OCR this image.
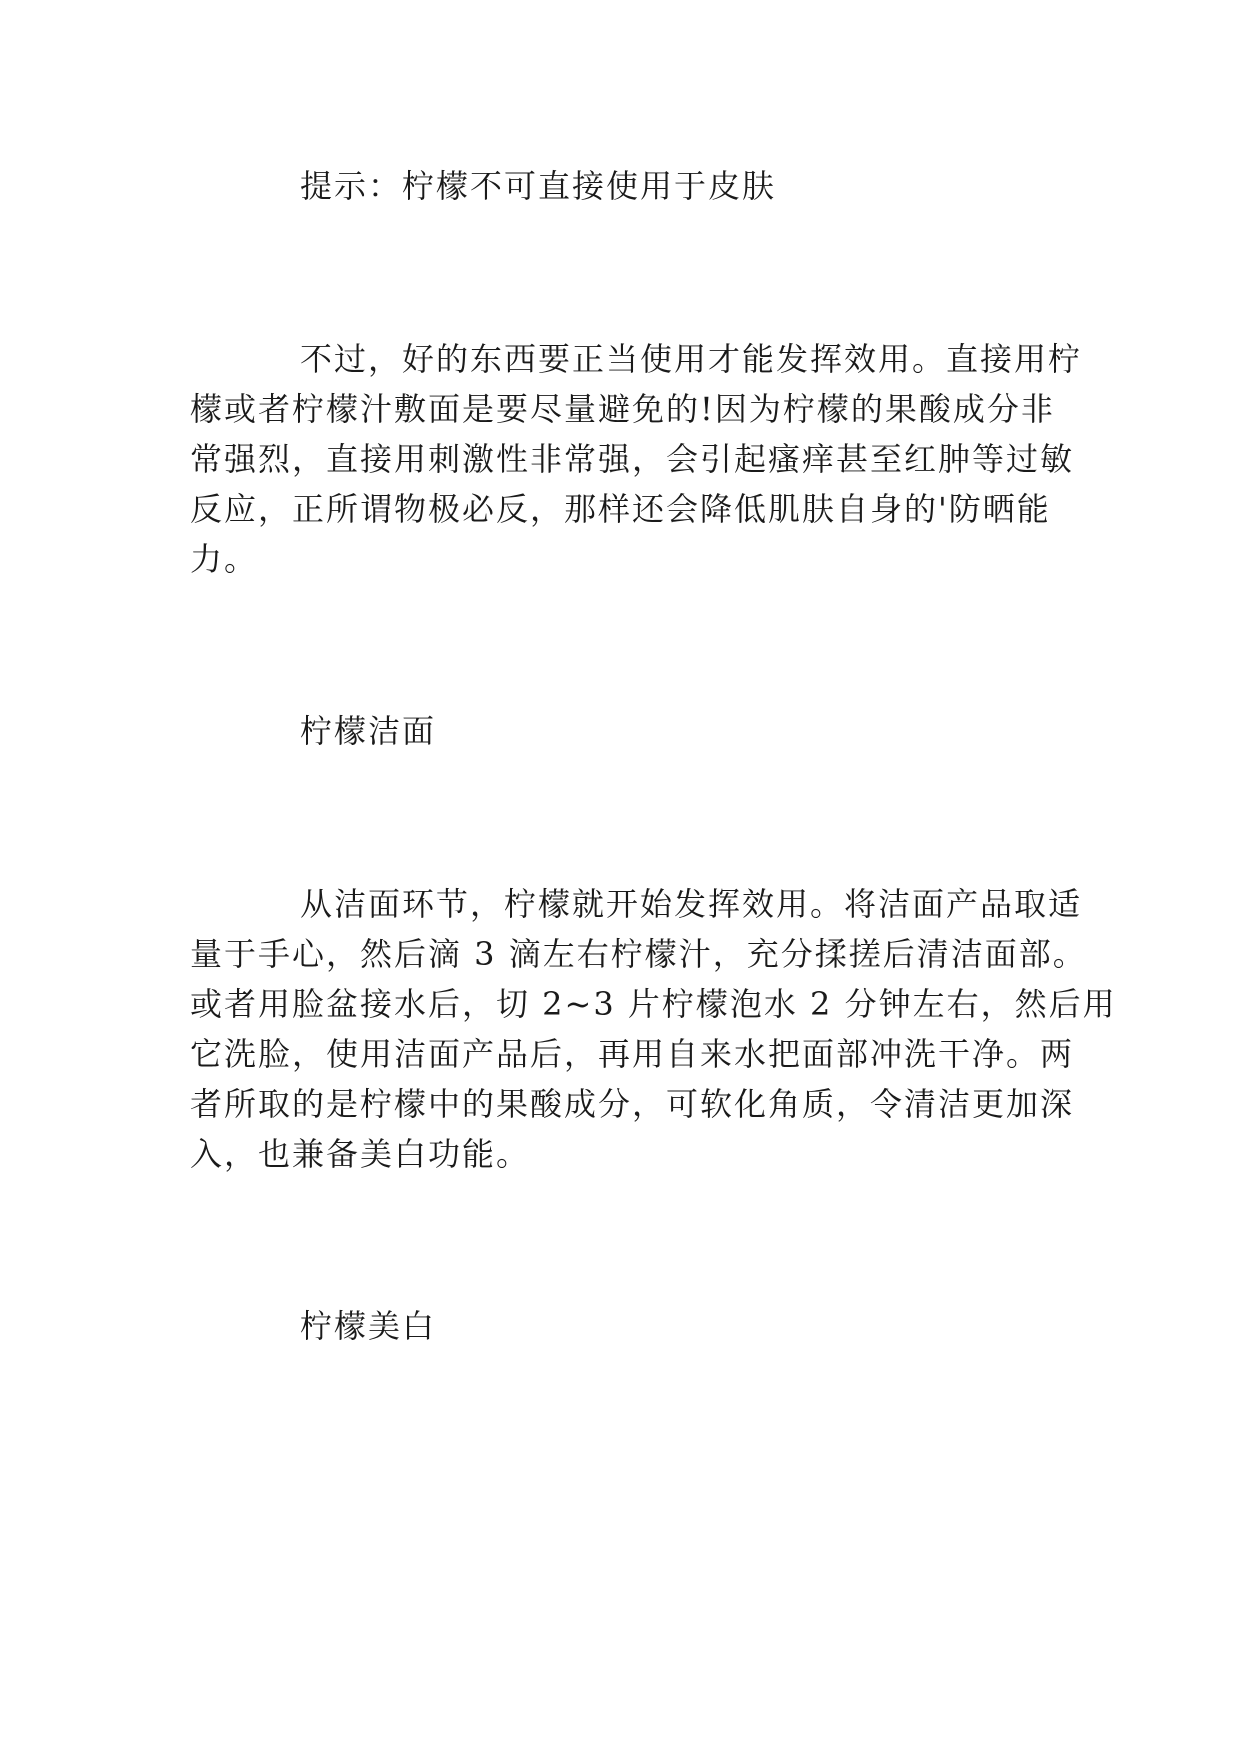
提示：柠檬不可直接使用于皮肤

不过，好的东西要正当使用才能发挥效用。直接用柠

檬或者柠檬汁敷面是要尽量避免的!因为柠檬的果酸成分非

常强烈，直接用刺激性非常强，会引起瘙痒甚至红肿等过敏

反应，正所谓物极必反，那样还会降低肌肤自身的'防晒能

力。

柠檬洁面

从洁面环节，柠檬就开始发挥效用。将洁面产品取适

量于手心，然后滴 3 滴左右柠檬汁，充分揉搓后清洁面部。

或者用脸盆接水后，切 2~3 片柠檬泡水 2 分钟左右，然后用

它洗脸，使用洁面产品后，再用自来水把面部冲洗干净。两

者所取的是柠檬中的果酸成分，可软化角质，令清洁更加深

入，也兼备美白功能。

柠檬美白
